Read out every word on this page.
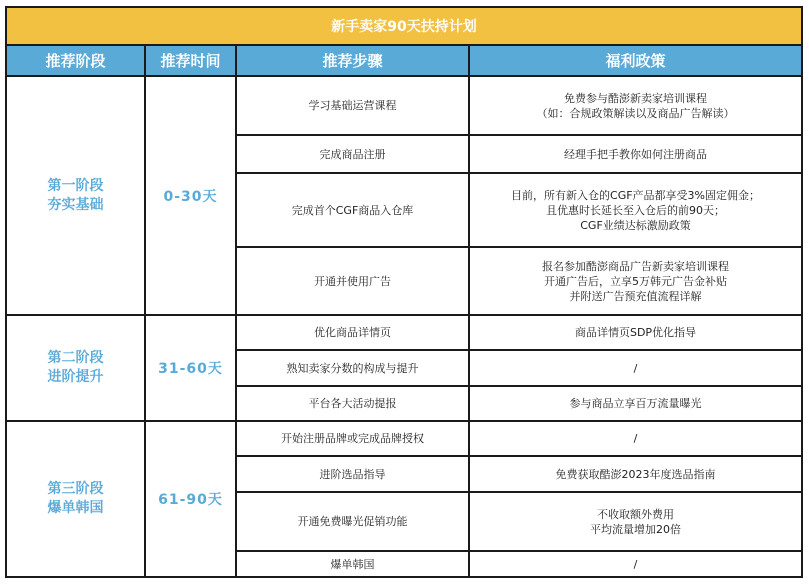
新手卖家90天扶持计划			
推荐阶段	推荐时间	推荐步骤	福利政策

第一阶段
夯实基础	0-30天	学习基础运营课程	免费参与酷澎新卖家培训课程
（如：合规政策解读以及商品广告解读）

		完成商品注册	经理手把手教你如何注册商品

		完成首个CGF商品入仓库	目前，所有新入仓的CGF产品都享受3%固定佣金；
且优惠时长延长至入仓后的前90天；
CGF业绩达标激励政策

		开通并使用广告	报名参加酷澎商品广告新卖家培训课程
开通广告后，立享5万韩元广告金补贴
并附送广告预充值流程详解

第二阶段
进阶提升	31-60天	优化商品详情页	商品详情页SDP优化指导

		熟知卖家分数的构成与提升	/

		平台各大活动提报	参与商品立享百万流量曝光

第三阶段
爆单韩国	61-90天	开始注册品牌或完成品牌授权	/

		进阶选品指导	免费获取酷澎2023年度选品指南

		开通免费曝光促销功能	不收取额外费用
平均流量增加20倍

		爆单韩国	/
